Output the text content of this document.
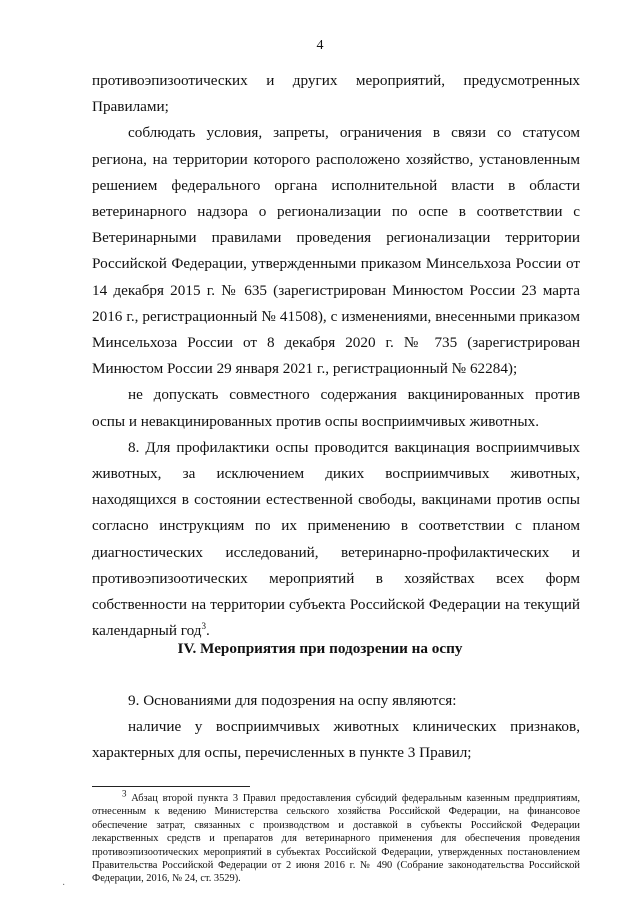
4

противоэпизоотических и других мероприятий, предусмотренных Правилами;

соблюдать условия, запреты, ограничения в связи со статусом региона, на территории которого расположено хозяйство, установленным решением федерального органа исполнительной власти в области ветеринарного надзора о регионализации по оспе в соответствии с Ветеринарными правилами проведения регионализации территории Российской Федерации, утвержденными приказом Минсельхоза России от 14 декабря 2015 г. № 635 (зарегистрирован Минюстом России 23 марта 2016 г., регистрационный № 41508), с изменениями, внесенными приказом Минсельхоза России от 8 декабря 2020 г. № 735 (зарегистрирован Минюстом России 29 января 2021 г., регистрационный № 62284);

не допускать совместного содержания вакцинированных против оспы и невакцинированных против оспы восприимчивых животных.

8. Для профилактики оспы проводится вакцинация восприимчивых животных, за исключением диких восприимчивых животных, находящихся в состоянии естественной свободы, вакцинами против оспы согласно инструкциям по их применению в соответствии с планом диагностических исследований, ветеринарно-профилактических и противоэпизоотических мероприятий в хозяйствах всех форм собственности на территории субъекта Российской Федерации на текущий календарный год$^3$.

IV. Мероприятия при подозрении на оспу

9. Основаниями для подозрения на оспу являются:

наличие у восприимчивых животных клинических признаков, характерных для оспы, перечисленных в пункте 3 Правил;

$^3$ Абзац второй пункта 3 Правил предоставления субсидий федеральным казенным предприятиям, отнесенным к ведению Министерства сельского хозяйства Российской Федерации, на финансовое обеспечение затрат, связанных с производством и доставкой в субъекты Российской Федерации лекарственных средств и препаратов для ветеринарного применения для обеспечения проведения противоэпизоотических мероприятий в субъектах Российской Федерации, утвержденных постановлением Правительства Российской Федерации от 2 июня 2016 г. № 490 (Собрание законодательства Российской Федерации, 2016, № 24, ст. 3529).
·
